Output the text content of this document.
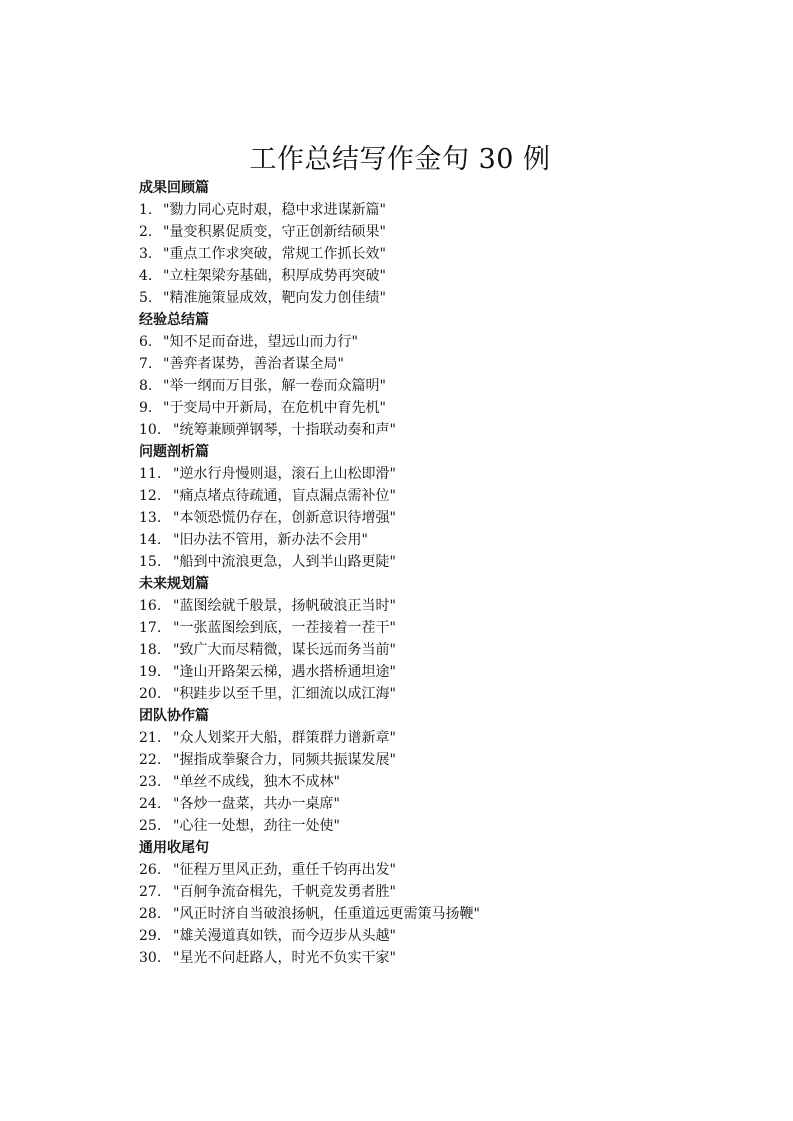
工作总结写作金句 30 例
成果回顾篇
1. "勠力同心克时艰，稳中求进谋新篇"
2. "量变积累促质变，守正创新结硕果"
3. "重点工作求突破，常规工作抓长效"
4. "立柱架梁夯基础，积厚成势再突破"
5. "精准施策显成效，靶向发力创佳绩"
经验总结篇
6. "知不足而奋进，望远山而力行"
7. "善弈者谋势，善治者谋全局"
8. "举一纲而万目张，解一卷而众篇明"
9. "于变局中开新局，在危机中育先机"
10. "统筹兼顾弹钢琴，十指联动奏和声"
问题剖析篇
11. "逆水行舟慢则退，滚石上山松即滑"
12. "痛点堵点待疏通，盲点漏点需补位"
13. "本领恐慌仍存在，创新意识待增强"
14. "旧办法不管用，新办法不会用"
15. "船到中流浪更急，人到半山路更陡"
未来规划篇
16. "蓝图绘就千般景，扬帆破浪正当时"
17. "一张蓝图绘到底，一茬接着一茬干"
18. "致广大而尽精微，谋长远而务当前"
19. "逢山开路架云梯，遇水搭桥通坦途"
20. "积跬步以至千里，汇细流以成江海"
团队协作篇
21. "众人划桨开大船，群策群力谱新章"
22. "握指成拳聚合力，同频共振谋发展"
23. "单丝不成线，独木不成林"
24. "各炒一盘菜，共办一桌席"
25. "心往一处想，劲往一处使"
通用收尾句
26. "征程万里风正劲，重任千钧再出发"
27. "百舸争流奋楫先，千帆竞发勇者胜"
28. "风正时济自当破浪扬帆，任重道远更需策马扬鞭"
29. "雄关漫道真如铁，而今迈步从头越"
30. "星光不问赶路人，时光不负实干家"
